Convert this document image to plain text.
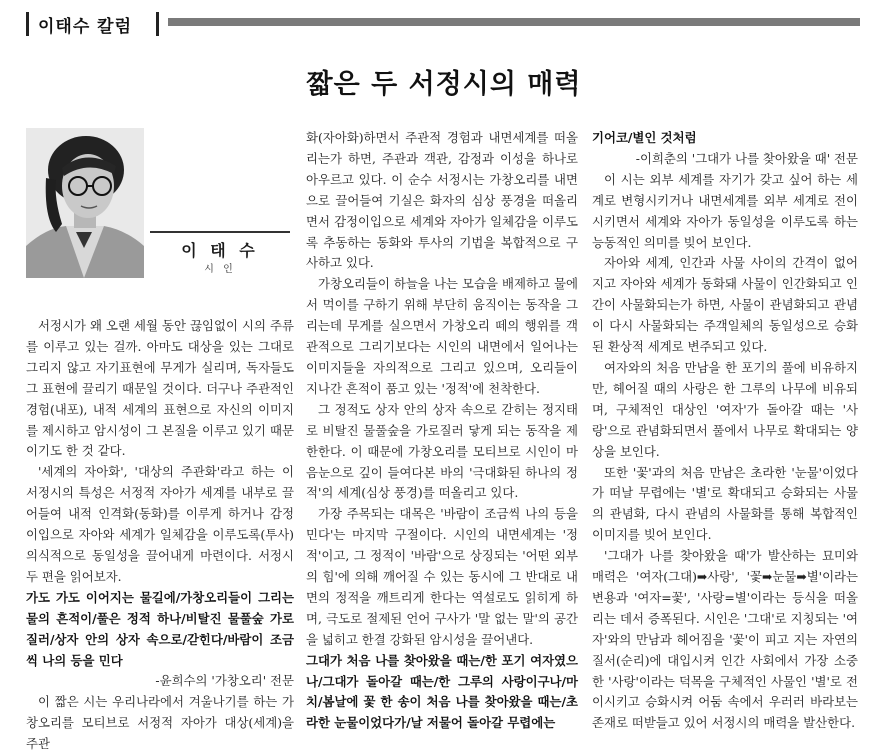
이태수 칼럼
짧은 두 서정시의 매력
이 태 수
시 인

서정시가 왜 오랜 세월 동안 끊임없이 시의 주류를 이루고 있는 걸까. 아마도 대상을 있는 그대로 그리지 않고 자기표현에 무게가 실리며, 독자들도 그 표현에 끌리기 때문일 것이다. 더구나 주관적인 경험(내포), 내적 세계의 표현으로 자신의 이미지를 제시하고 암시성이 그 본질을 이루고 있기 때문이기도 한 것 같다.

'세계의 자아화', '대상의 주관화'라고 하는 이 서정시의 특성은 서정적 자아가 세계를 내부로 끌어들여 내적 인격화(동화)를 이루게 하거나 감정이입으로 자아와 세계가 일체감을 이루도록(투사) 의식적으로 동일성을 끌어내게 마련이다. 서정시 두 편을 읽어보자.

가도 가도 이어지는 물길에/가창오리들이 그리는 물의 흔적이/풀은 정적 하나/비탈진 물풀숲 가로질러/상자 안의 상자 속으로/갇힌다/바람이 조금씩 나의 등을 민다

-윤희수의 '가창오리' 전문

이 짧은 시는 우리나라에서 겨울나기를 하는 가창오리를 모티브로 서정적 자아가 대상(세계)을 주관

화(자아화)하면서 주관적 경험과 내면세계를 떠올리는가 하면, 주관과 객관, 감정과 이성을 하나로 아우르고 있다. 이 순수 서정시는 가창오리를 내면으로 끌어들여 기실은 화자의 심상 풍경을 떠올리면서 감정이입으로 세계와 자아가 일체감을 이루도록 추동하는 동화와 투사의 기법을 복합적으로 구사하고 있다.

가창오리들이 하늘을 나는 모습을 배제하고 물에서 먹이를 구하기 위해 부단히 움직이는 동작을 그리는데 무게를 실으면서 가창오리 떼의 행위를 객관적으로 그리기보다는 시인의 내면에서 일어나는 이미지들을 자의적으로 그리고 있으며, 오리들이 지나간 흔적이 품고 있는 '정적'에 천착한다.

그 정적도 상자 안의 상자 속으로 갇히는 정지태로 비탈진 물풀숲을 가로질러 닿게 되는 동작을 제한한다. 이 때문에 가창오리를 모티브로 시인이 마음눈으로 깊이 들여다본 바의 '극대화된 하나의 정적'의 세계(심상 풍경)를 떠올리고 있다.

가장 주목되는 대목은 '바람이 조금씩 나의 등을 민다'는 마지막 구절이다. 시인의 내면세계는 '정적'이고, 그 정적이 '바람'으로 상징되는 '어떤 외부의 힘'에 의해 깨어질 수 있는 동시에 그 반대로 내면의 정적을 깨트리게 한다는 역설로도 읽히게 하며, 극도로 절제된 언어 구사가 '말 없는 말'의 공간을 넓히고 한결 강화된 암시성을 끌어낸다.

그대가 처음 나를 찾아왔을 때는/한 포기 여자였으나/그대가 돌아갈 때는/한 그루의 사랑이구나/마치/봄날에 꽃 한 송이 처음 나를 찾아왔을 때는/초라한 눈물이었다가/날 저물어 돌아갈 무렵에는

기어코/별인 것처럼

-이희춘의 '그대가 나를 찾아왔을 때' 전문

이 시는 외부 세계를 자기가 갖고 싶어 하는 세계로 변형시키거나 내면세계를 외부 세계로 전이시키면서 세계와 자아가 동일성을 이루도록 하는 능동적인 의미를 빚어 보인다.

자아와 세계, 인간과 사물 사이의 간격이 없어지고 자아와 세계가 동화돼 사물이 인간화되고 인간이 사물화되는가 하면, 사물이 관념화되고 관념이 다시 사물화되는 주객일체의 동일성으로 승화된 환상적 세계로 변주되고 있다.

여자와의 처음 만남을 한 포기의 풀에 비유하지만, 헤어질 때의 사랑은 한 그루의 나무에 비유되며, 구체적인 대상인 '여자'가 돌아갈 때는 '사랑'으로 관념화되면서 풀에서 나무로 확대되는 양상을 보인다.

또한 '꽃'과의 처음 만남은 초라한 '눈물'이었다가 떠날 무렵에는 '별'로 확대되고 승화되는 사물의 관념화, 다시 관념의 사물화를 통해 복합적인 이미지를 빚어 보인다.

'그대가 나를 찾아왔을 때'가 발산하는 묘미와 매력은 '여자(그대)➡사랑', '꽃➡눈물➡별'이라는 변용과 '여자=꽃', '사랑=별'이라는 등식을 떠올리는 데서 증폭된다. 시인은 '그대'로 지칭되는 '여자'와의 만남과 헤어짐을 '꽃'이 피고 지는 자연의 질서(순리)에 대입시켜 인간 사회에서 가장 소중한 '사랑'이라는 덕목을 구체적인 사물인 '별'로 전이시키고 승화시켜 어둠 속에서 우러러 바라보는 존재로 떠받들고 있어 서정시의 매력을 발산한다.
